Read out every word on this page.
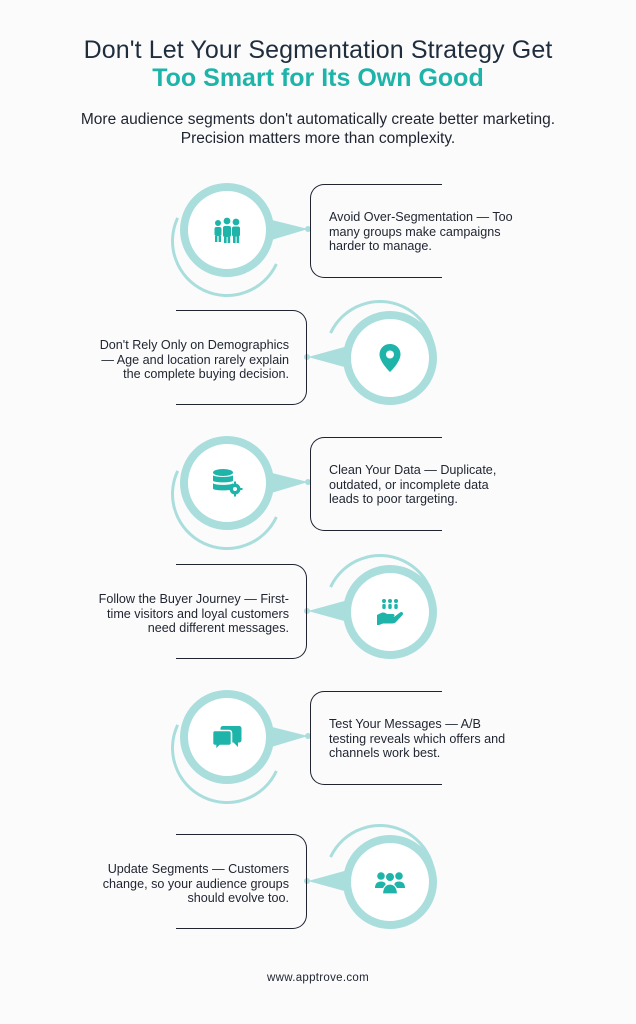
Don't Let Your Segmentation Strategy Get
Too Smart for Its Own Good
More audience segments don't automatically create better marketing. Precision matters more than complexity.
Avoid Over-Segmentation — Too many groups make campaigns harder to manage.
Don't Rely Only on Demographics — Age and location rarely explain the complete buying decision.
Clean Your Data — Duplicate, outdated, or incomplete data leads to poor targeting.
Follow the Buyer Journey — First-time visitors and loyal customers need different messages.
Test Your Messages — A/B testing reveals which offers and channels work best.
Update Segments — Customers change, so your audience groups should evolve too.
www.apptrove.com
